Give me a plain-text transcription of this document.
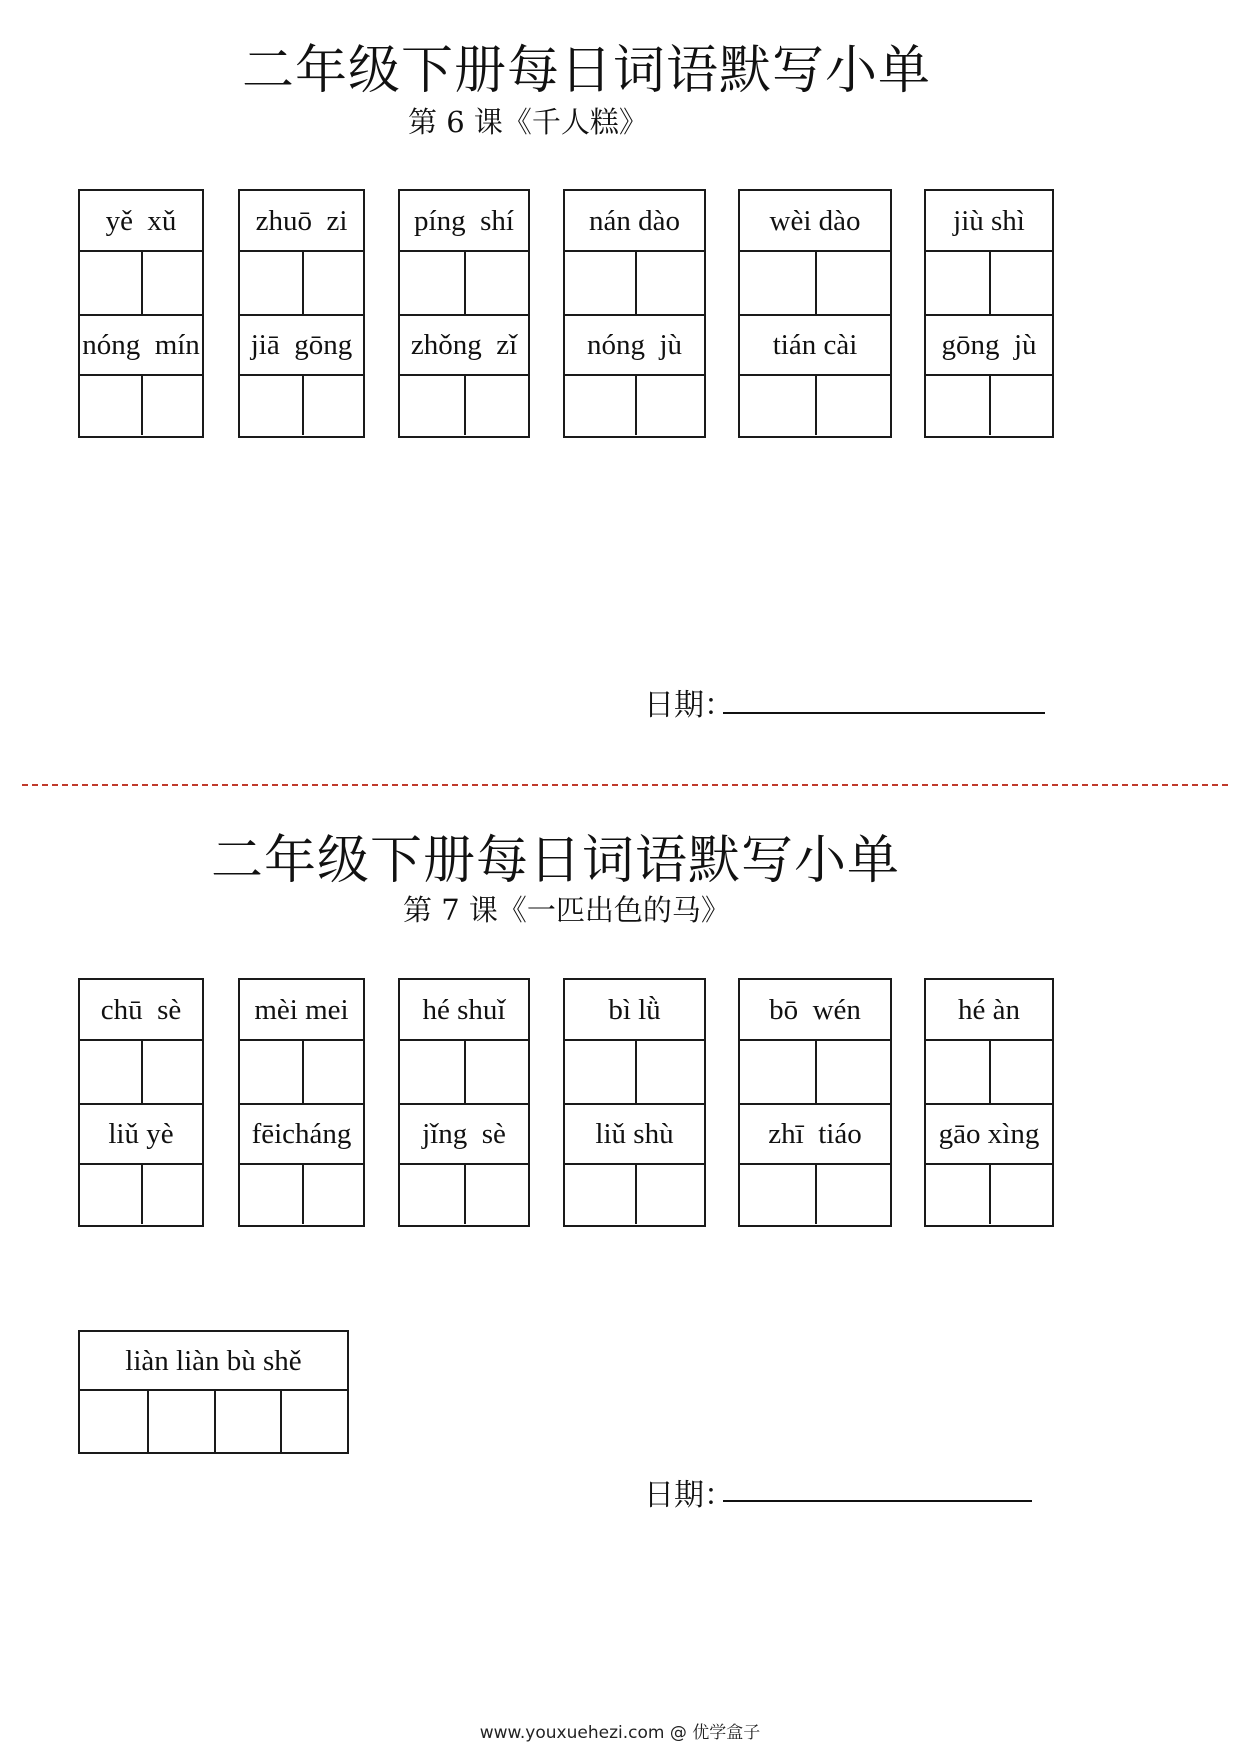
二年级下册每日词语默写小单
第 6 课《千人糕》
yě  xǔ
nóng  mín
zhuō  zi
jiā  gōng
píng  shí
zhǒng  zǐ
nán dào
nóng  jù
wèi dào
tián cài
jiù shì
gōng  jù
日期：
二年级下册每日词语默写小单
第 7 课《一匹出色的马》
chū  sè
liǔ yè
mèi mei
fēicháng
hé shuǐ
jǐng  sè
bì lǜ
liǔ shù
bō  wén
zhī  tiáo
hé àn
gāo xìng
liàn liàn bù shě
日期：
www.youxuehezi.com @ 优学盒子
